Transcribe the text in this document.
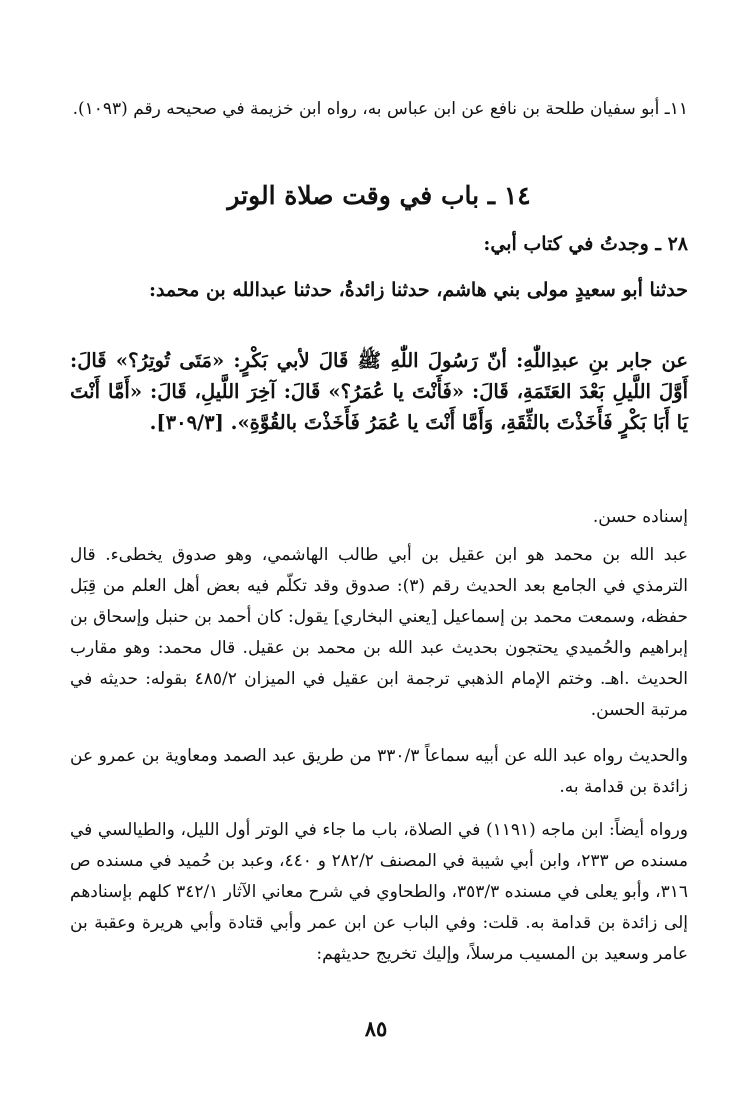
١١ـ أبو سفيان طلحة بن نافع عن ابن عباس به، رواه ابن خزيمة في صحيحه رقم (١٠٩٣).

١٤ ـ باب في وقت صلاة الوتر

٢٨ ـ وجدتُ في كتاب أبي:

حدثنا أبو سعيدٍ مولى بني هاشم، حدثنا زائدةُ، حدثنا عبدالله بن محمد:

عن جابر بنِ عبدِاللّٰهِ: أنّ رَسُولَ اللّٰهِ ﷺ قَالَ لأبي بَكْرٍ: «مَتَى تُوتِرُ؟» قَالَ: أَوَّلَ اللَّيلِ بَعْدَ العَتَمَةِ، قَالَ: «فَأَنْتَ يا عُمَرُ؟» قَالَ: آخِرَ اللَّيلِ، قَالَ: «أَمَّا أَنْتَ يَا أَبَا بَكْرٍ فَأَخَذْتَ بالثِّقَةِ، وَأَمَّا أَنْتَ يا عُمَرُ فَأَخَذْتَ بالقُوَّةِ». [٣٠٩/٣].

إسناده حسن.

عبد الله بن محمد هو ابن عقيل بن أبي طالب الهاشمي، وهو صدوق يخطىء. قال الترمذي في الجامع بعد الحديث رقم (٣): صدوق وقد تكلّم فيه بعض أهل العلم من قِبَل حفظه، وسمعت محمد بن إسماعيل [يعني البخاري] يقول: كان أحمد بن حنبل وإسحاق بن إبراهيم والحُميدي يحتجون بحديث عبد الله بن محمد بن عقيل. قال محمد: وهو مقارب الحديث .اهـ. وختم الإمام الذهبي ترجمة ابن عقيل في الميزان ٤٨٥/٢ بقوله: حديثه في مرتبة الحسن.

والحديث رواه عبد الله عن أبيه سماعاً ٣٣٠/٣ من طريق عبد الصمد ومعاوية بن عمرو عن زائدة بن قدامة به.

ورواه أيضاً: ابن ماجه (١١٩١) في الصلاة، باب ما جاء في الوتر أول الليل، والطيالسي في مسنده ص ٢٣٣، وابن أبي شيبة في المصنف ٢٨٢/٢ و ٤٤٠، وعبد بن حُميد في مسنده ص ٣١٦، وأبو يعلى في مسنده ٣٥٣/٣، والطحاوي في شرح معاني الآثار ٣٤٢/١ كلهم بإسنادهم إلى زائدة بن قدامة به. قلت: وفي الباب عن ابن عمر وأبي قتادة وأبي هريرة وعقبة بن عامر وسعيد بن المسيب مرسلاً، وإليك تخريج حديثهم:

٨٥
